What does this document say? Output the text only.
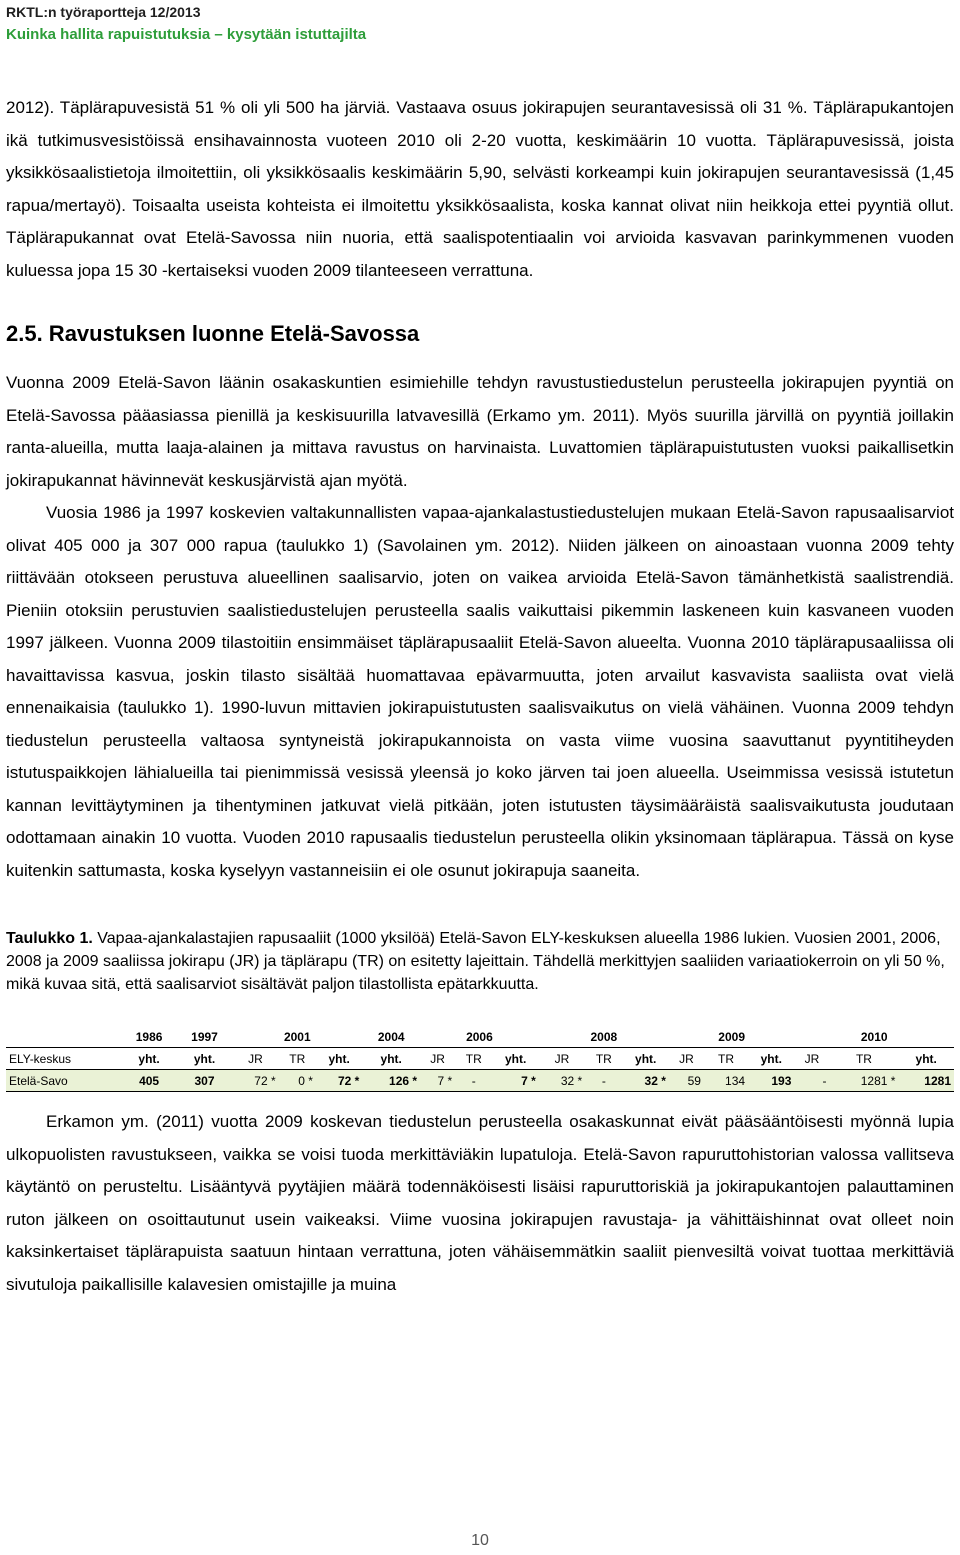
RKTL:n työraportteja 12/2013
Kuinka hallita rapuistutuksia – kysytään istuttajilta

2012). Täplärapuvesistä 51 % oli yli 500 ha järviä. Vastaava osuus jokirapujen seurantavesissä oli 31 %. Täplärapukantojen ikä tutkimusvesistöissä ensihavainnosta vuoteen 2010 oli 2-20 vuotta, keskimäärin 10 vuotta. Täplärapuvesissä, joista yksikkösaalistietoja ilmoitettiin, oli yksikkösaalis keskimäärin 5,90, selvästi korkeampi kuin jokirapujen seurantavesissä (1,45 rapua/mertayö). Toisaalta useista kohteista ei ilmoitettu yksikkösaalista, koska kannat olivat niin heikkoja ettei pyyntiä ollut. Täplärapukannat ovat Etelä-Savossa niin nuoria, että saalispotentiaalin voi arvioida kasvavan parinkymmenen vuoden kuluessa jopa 15 30 -kertaiseksi vuoden 2009 tilanteeseen verrattuna.

2.5. Ravustuksen luonne Etelä-Savossa

Vuonna 2009 Etelä-Savon läänin osakaskuntien esimiehille tehdyn ravustustiedustelun perusteella jokirapujen pyyntiä on Etelä-Savossa pääasiassa pienillä ja keskisuurilla latvavesillä (Erkamo ym. 2011). Myös suurilla järvillä on pyyntiä joillakin ranta-alueilla, mutta laaja-alainen ja mittava ravustus on harvinaista. Luvattomien täplärapuistutusten vuoksi paikallisetkin jokirapukannat hävinnevät keskusjärvistä ajan myötä.

Vuosia 1986 ja 1997 koskevien valtakunnallisten vapaa-ajankalastustiedustelujen mukaan Etelä-Savon rapusaalisarviot olivat 405 000 ja 307 000 rapua (taulukko 1) (Savolainen ym. 2012). Niiden jälkeen on ainoastaan vuonna 2009 tehty riittävään otokseen perustuva alueellinen saalisarvio, joten on vaikea arvioida Etelä-Savon tämänhetkistä saalistrendiä. Pieniin otoksiin perustuvien saalistiedustelujen perusteella saalis vaikuttaisi pikemmin laskeneen kuin kasvaneen vuoden 1997 jälkeen. Vuonna 2009 tilastoitiin ensimmäiset täplärapusaaliit Etelä-Savon alueelta. Vuonna 2010 täplärapusaaliissa oli havaittavissa kasvua, joskin tilasto sisältää huomattavaa epävarmuutta, joten arvailut kasvavista saaliista ovat vielä ennenaikaisia (taulukko 1). 1990-luvun mittavien jokirapuistutusten saalisvaikutus on vielä vähäinen. Vuonna 2009 tehdyn tiedustelun perusteella valtaosa syntyneistä jokirapukannoista on vasta viime vuosina saavuttanut pyyntitiheyden istutuspaikkojen lähialueilla tai pienimmissä vesissä yleensä jo koko järven tai joen alueella. Useimmissa vesissä istutetun kannan levittäytyminen ja tihentyminen jatkuvat vielä pitkään, joten istutusten täysimääräistä saalisvaikutusta joudutaan odottamaan ainakin 10 vuotta. Vuoden 2010 rapusaalis tiedustelun perusteella olikin yksinomaan täplärapua. Tässä on kyse kuitenkin sattumasta, koska kyselyyn vastanneisiin ei ole osunut jokirapuja saaneita.

Taulukko 1. Vapaa-ajankalastajien rapusaaliit (1000 yksilöä) Etelä-Savon ELY-keskuksen alueella 1986 lukien. Vuosien 2001, 2006, 2008 ja 2009 saaliissa jokirapu (JR) ja täplärapu (TR) on esitetty lajeittain. Tähdellä merkittyjen saaliiden variaatiokerroin on yli 50 %, mikä kuvaa sitä, että saalisarviot sisältävät paljon tilastollista epätarkkuutta.
	1986	1997	2001			2004	2006			2008			2009			2010		
ELY-keskus	yht.	yht.	JR	TR	yht.	yht.	JR	TR	yht.	JR	TR	yht.	JR	TR	yht.	JR	TR	yht.
Etelä-Savo	405	307	72 *	0 *	72 *	126 *	7 *	-	7 *	32 *	-	32 *	59	134	193	-	1281 *	1281

Erkamon ym. (2011) vuotta 2009 koskevan tiedustelun perusteella osakaskunnat eivät pääsääntöisesti myönnä lupia ulkopuolisten ravustukseen, vaikka se voisi tuoda merkittäviäkin lupatuloja. Etelä-Savon rapuruttohistorian valossa vallitseva käytäntö on perusteltu. Lisääntyvä pyytäjien määrä todennäköisesti lisäisi rapuruttoriskiä ja jokirapukantojen palauttaminen ruton jälkeen on osoittautunut usein vaikeaksi. Viime vuosina jokirapujen ravustaja- ja vähittäishinnat ovat olleet noin kaksinkertaiset täplärapuista saatuun hintaan verrattuna, joten vähäisemmätkin saaliit pienvesiltä voivat tuottaa merkittäviä sivutuloja paikallisille kalavesien omistajille ja muina

10
